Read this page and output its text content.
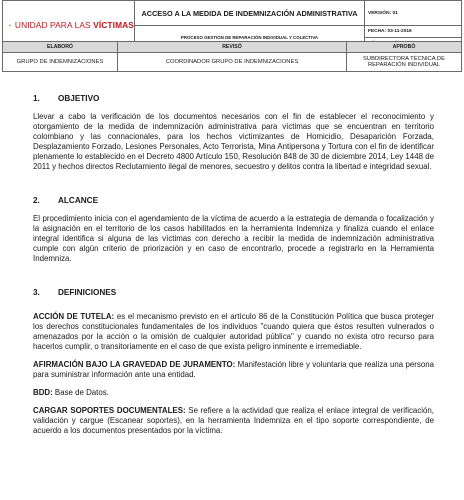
UNIDAD PARA LAS VÍCTIMAS	ACCESO A LA MEDIDA DE INDEMNIZACIÓN ADMINISTRATIVA	VERSIÓN: 01
	PROCESO GESTIÓN DE REPARACIÓN INDIVIDUAL Y COLECTIVA	FECHA: 03-11-2016

ELABORÓ	REVISÓ	APROBÓ
GRUPO DE INDEMNIZACIONES	COORDINADOR GRUPO DE INDEMNIZACIONES	SUBDIRECTORA TÉCNICA DE REPARACIÓN INDIVIDUAL
1.	OBJETIVO

Llevar a cabo la verificación de los documentos necesarios con el fin de establecer el reconocimiento y otorgamiento de la medida de indemnización administrativa para víctimas que se encuentran en territorio colombiano y las connacionales, para los hechos victimizantes de Homicidio, Desaparición Forzada, Desplazamiento Forzado, Lesiones Personales, Acto Terrorista, Mina Antipersona y Tortura con el fin de identificar plenamente lo establecido en el Decreto 4800 Artículo 150, Resolución 848 de 30 de diciembre 2014, Ley 1448 de 2011 y hechos directos Reclutamiento ilegal de menores, secuestro y delitos contra la libertad e integridad sexual.

2.	ALCANCE

El procedimiento inicia con el agendamiento de la víctima de acuerdo a la estrategia de demanda o focalización y la asignación en el territorio de los casos habilitados en la herramienta Indemniza y finaliza cuando el enlace integral identifica si alguna de las víctimas con derecho a recibir la medida de indemnización administrativa cumple con algún criterio de priorización y en caso de encontrarlo, procede a registrarlo en la Herramienta Indemniza.

3.	DEFINICIONES

ACCIÓN DE TUTELA: es el mecanismo previsto en el artículo 86 de la Constitución Política que busca proteger los derechos constitucionales fundamentales de los individuos "cuando quiera que éstos resulten vulnerados o amenazados por la acción o la omisión de cualquier autoridad pública" y cuando no exista otro recurso para hacerlos cumplir, o transitoriamente en el caso de que exista peligro inminente e irremediable.

AFIRMACIÓN BAJO LA GRAVEDAD DE JURAMENTO: Manifestación libre y voluntaria que realiza una persona para suministrar información ante una entidad.

BDD: Base de Datos.

CARGAR SOPORTES DOCUMENTALES: Se refiere a la actividad que realiza el enlace integral de verificación, validación y cargue (Escanear soportes), en la herramienta Indemniza en el tipo soporte correspondiente, de acuerdo a los documentos presentados por la víctima.
